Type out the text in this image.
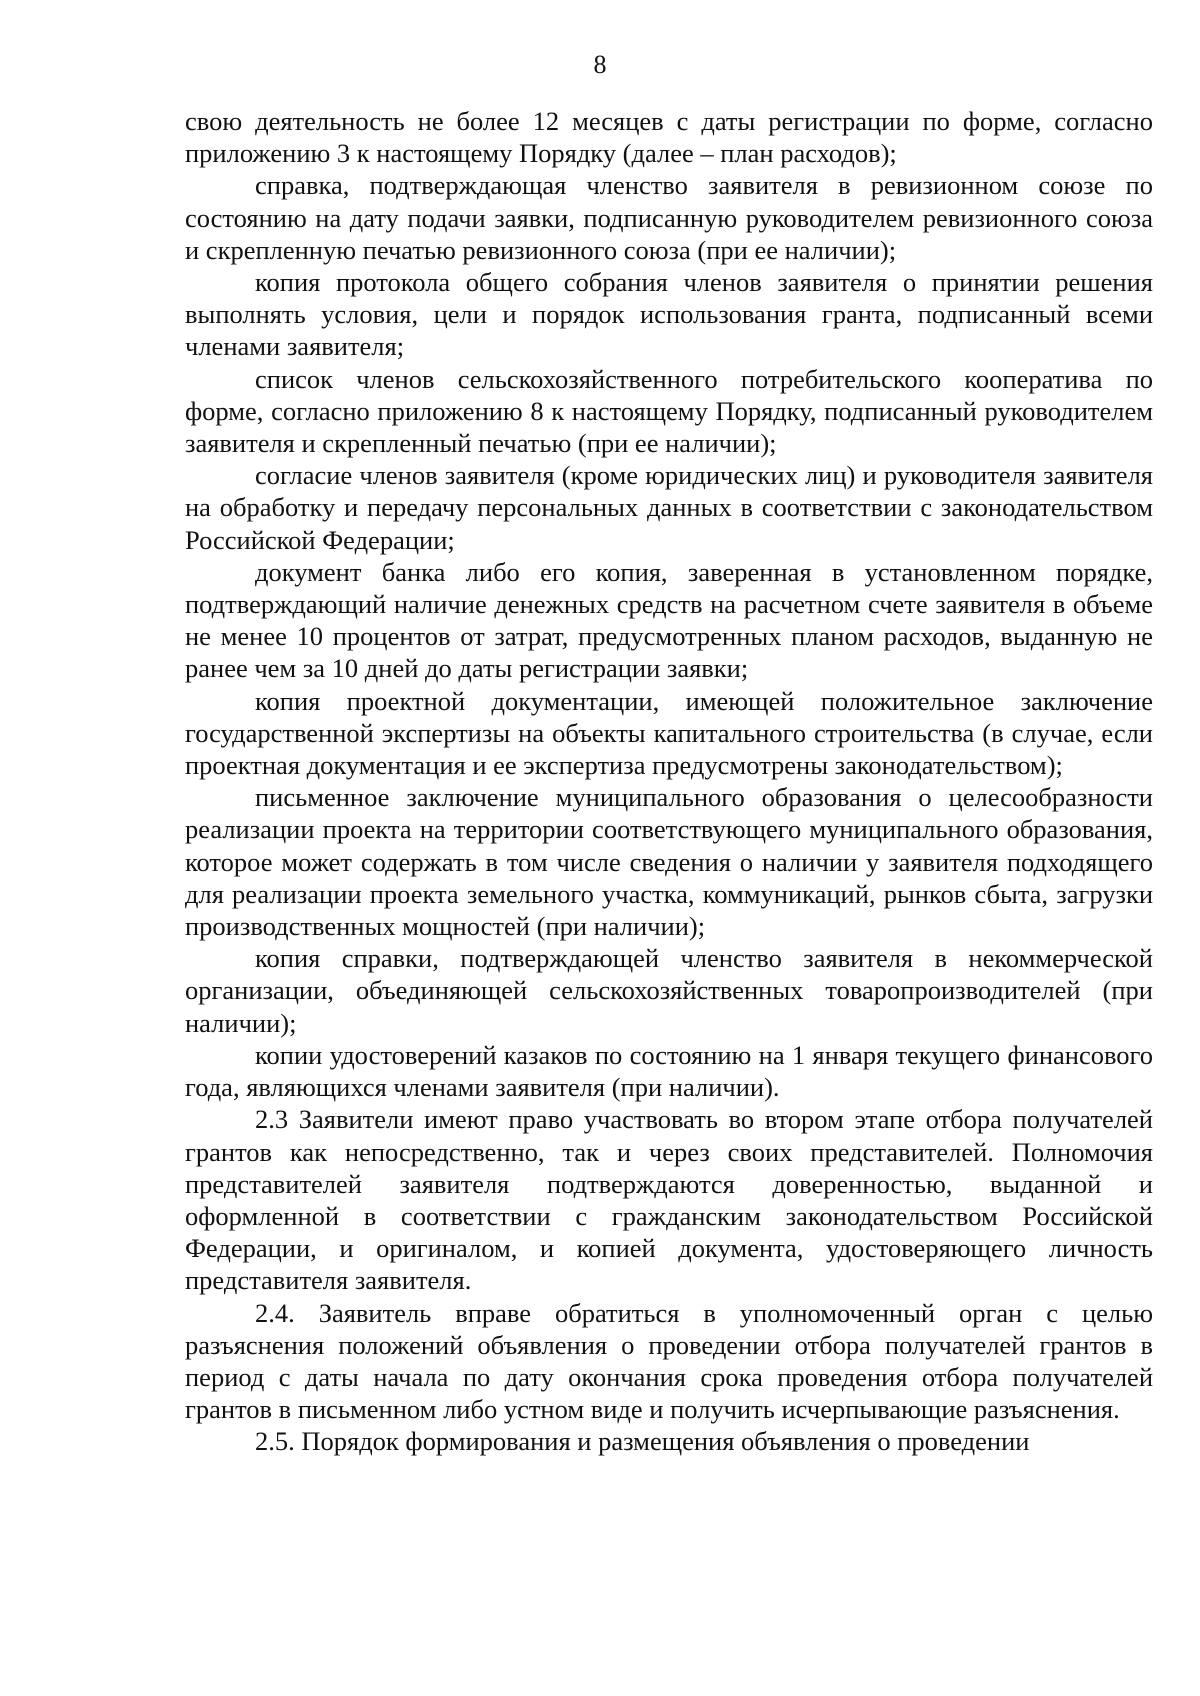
8

свою деятельность не более 12 месяцев с даты регистрации по форме, согласно приложению 3 к настоящему Порядку (далее – план расходов);

справка, подтверждающая членство заявителя в ревизионном союзе по состоянию на дату подачи заявки, подписанную руководителем ревизионного союза и скрепленную печатью ревизионного союза (при ее наличии);

копия протокола общего собрания членов заявителя о принятии решения выполнять условия, цели и порядок использования гранта, подписанный всеми членами заявителя;

список членов сельскохозяйственного потребительского кооператива по форме, согласно приложению 8 к настоящему Порядку, подписанный руководителем заявителя и скрепленный печатью (при ее наличии);

согласие членов заявителя (кроме юридических лиц) и руководителя заявителя на обработку и передачу персональных данных в соответствии с законодательством Российской Федерации;

документ банка либо его копия, заверенная в установленном порядке, подтверждающий наличие денежных средств на расчетном счете заявителя в объеме не менее 10 процентов от затрат, предусмотренных планом расходов, выданную не ранее чем за 10 дней до даты регистрации заявки;

копия проектной документации, имеющей положительное заключение государственной экспертизы на объекты капитального строительства (в случае, если проектная документация и ее экспертиза предусмотрены законодательством);

письменное заключение муниципального образования о целесообразности реализации проекта на территории соответствующего муниципального образования, которое может содержать в том числе сведения о наличии у заявителя подходящего для реализации проекта земельного участка, коммуникаций, рынков сбыта, загрузки производственных мощностей (при наличии);

копия справки, подтверждающей членство заявителя в некоммерческой организации, объединяющей сельскохозяйственных товаропроизводителей (при наличии);

копии удостоверений казаков по состоянию на 1 января текущего финансового года, являющихся членами заявителя (при наличии).

2.3 Заявители имеют право участвовать во втором этапе отбора получателей грантов как непосредственно, так и через своих представителей. Полномочия представителей заявителя подтверждаются доверенностью, выданной и оформленной в соответствии с гражданским законодательством Российской Федерации, и оригиналом, и копией документа, удостоверяющего личность представителя заявителя.

2.4. Заявитель вправе обратиться в уполномоченный орган с целью разъяснения положений объявления о проведении отбора получателей грантов в период с даты начала по дату окончания срока проведения отбора получателей грантов в письменном либо устном виде и получить исчерпывающие разъяснения.

2.5. Порядок формирования и размещения объявления о проведении
